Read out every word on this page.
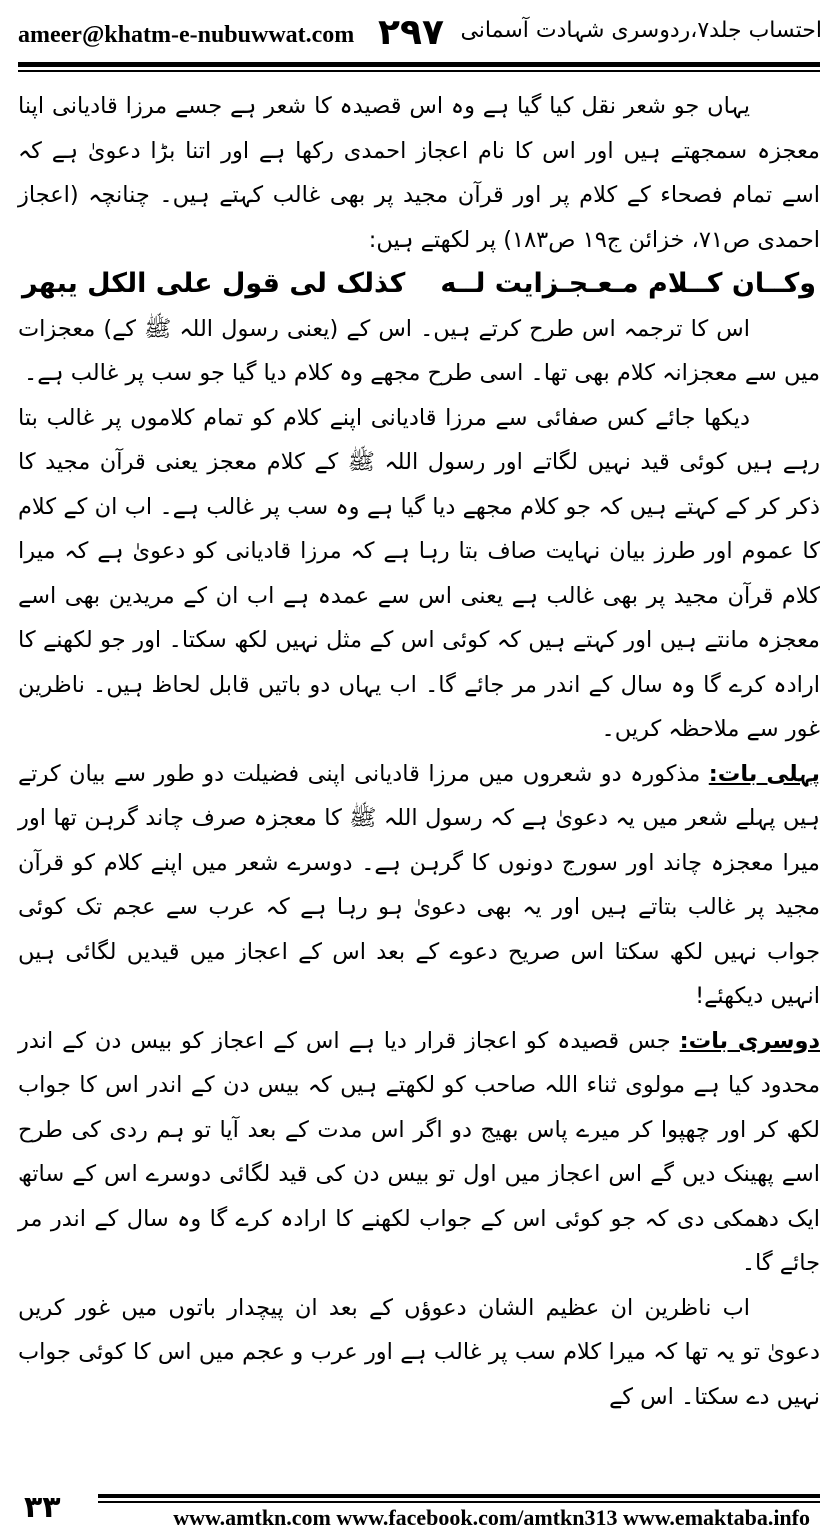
ameer@khatm-e-nubuwwat.com ۲۹۷ احتساب جلد۷،ردوسری شہادت آسمانی

یہاں جو شعر نقل کیا گیا ہے وہ اس قصیدہ کا شعر ہے جسے مرزا قادیانی اپنا معجزہ سمجھتے ہیں اور اس کا نام اعجاز احمدی رکھا ہے اور اتنا بڑا دعویٰ ہے کہ اسے تمام فصحاء کے کلام پر اور قرآن مجید پر بھی غالب کہتے ہیں۔ چنانچہ (اعجاز احمدی ص۷۱، خزائن ج۱۹ ص۱۸۳) پر لکھتے ہیں:

وکــان کــلام مـعـجـزایت لــه
کذلک لی قول علی الکل یبهر

اس کا ترجمہ اس طرح کرتے ہیں۔ اس کے (یعنی رسول اللہ ﷺ کے) معجزات میں سے معجزانہ کلام بھی تھا۔ اسی طرح مجھے وہ کلام دیا گیا جو سب پر غالب ہے۔

دیکھا جائے کس صفائی سے مرزا قادیانی اپنے کلام کو تمام کلاموں پر غالب بتا رہے ہیں کوئی قید نہیں لگاتے اور رسول اللہ ﷺ کے کلام معجز یعنی قرآن مجید کا ذکر کر کے کہتے ہیں کہ جو کلام مجھے دیا گیا ہے وہ سب پر غالب ہے۔ اب ان کے کلام کا عموم اور طرز بیان نہایت صاف بتا رہا ہے کہ مرزا قادیانی کو دعویٰ ہے کہ میرا کلام قرآن مجید پر بھی غالب ہے یعنی اس سے عمدہ ہے اب ان کے مریدین بھی اسے معجزہ مانتے ہیں اور کہتے ہیں کہ کوئی اس کے مثل نہیں لکھ سکتا۔ اور جو لکھنے کا ارادہ کرے گا وہ سال کے اندر مر جائے گا۔ اب یہاں دو باتیں قابل لحاظ ہیں۔ ناظرین غور سے ملاحظہ کریں۔

پہلی بات: مذکورہ دو شعروں میں مرزا قادیانی اپنی فضیلت دو طور سے بیان کرتے ہیں پہلے شعر میں یہ دعویٰ ہے کہ رسول اللہ ﷺ کا معجزہ صرف چاند گرہن تھا اور میرا معجزہ چاند اور سورج دونوں کا گرہن ہے۔ دوسرے شعر میں اپنے کلام کو قرآن مجید پر غالب بتاتے ہیں اور یہ بھی دعویٰ ہو رہا ہے کہ عرب سے عجم تک کوئی جواب نہیں لکھ سکتا اس صریح دعوے کے بعد اس کے اعجاز میں قیدیں لگائی ہیں انہیں دیکھئے!

دوسری بات: جس قصیدہ کو اعجاز قرار دیا ہے اس کے اعجاز کو بیس دن کے اندر محدود کیا ہے مولوی ثناء اللہ صاحب کو لکھتے ہیں کہ بیس دن کے اندر اس کا جواب لکھ کر اور چھپوا کر میرے پاس بھیج دو اگر اس مدت کے بعد آیا تو ہم ردی کی طرح اسے پھینک دیں گے اس اعجاز میں اول تو بیس دن کی قید لگائی دوسرے اس کے ساتھ ایک دھمکی دی کہ جو کوئی اس کے جواب لکھنے کا ارادہ کرے گا وہ سال کے اندر مر جائے گا۔

اب ناظرین ان عظیم الشان دعوؤں کے بعد ان پیچدار باتوں میں غور کریں دعویٰ تو یہ تھا کہ میرا کلام سب پر غالب ہے اور عرب و عجم میں اس کا کوئی جواب نہیں دے سکتا۔ اس کے

۳۳	www.amtkn.com www.facebook.com/amtkn313 www.emaktaba.info
